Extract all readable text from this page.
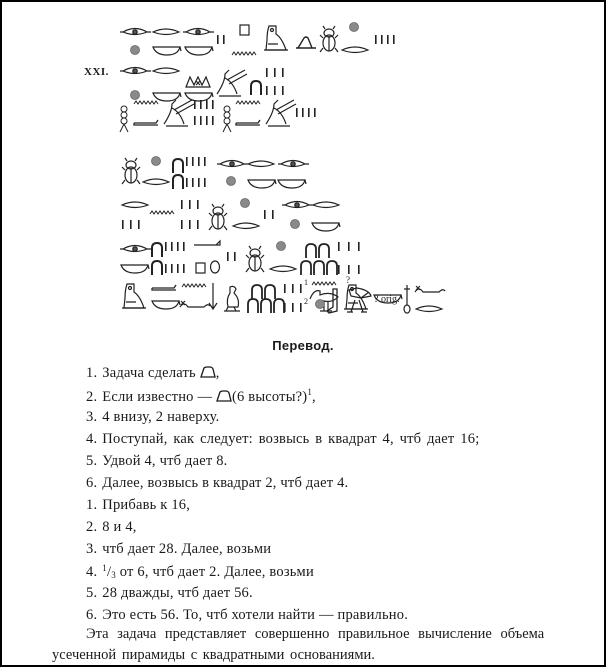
XXI.
1
2
?
? orig.
Перевод.
1. Задача сделать ,
2. Если известно — (6 высоты?)$^1$,
3. 4 внизу, 2 наверху.
4. Поступай, как следует: возвысь в квадрат 4, чтб дает 16;
5. Удвой 4, чтб дает 8.
6. Далее, возвысь в квадрат 2, чтб дает 4.
1. Прибавь к 16,
2. 8 и 4,
3. чтб дает 28. Далее, возьми
4. $^1/_3$ от 6, чтб дает 2. Далее, возьми
5. 28 дважды, чтб дает 56.
6. Это есть 56. То, чтб хотели найти — правильно.
Эта задача представляет совершенно правильное вычисление объема
усеченной пирамиды с квадратными основаниями.
